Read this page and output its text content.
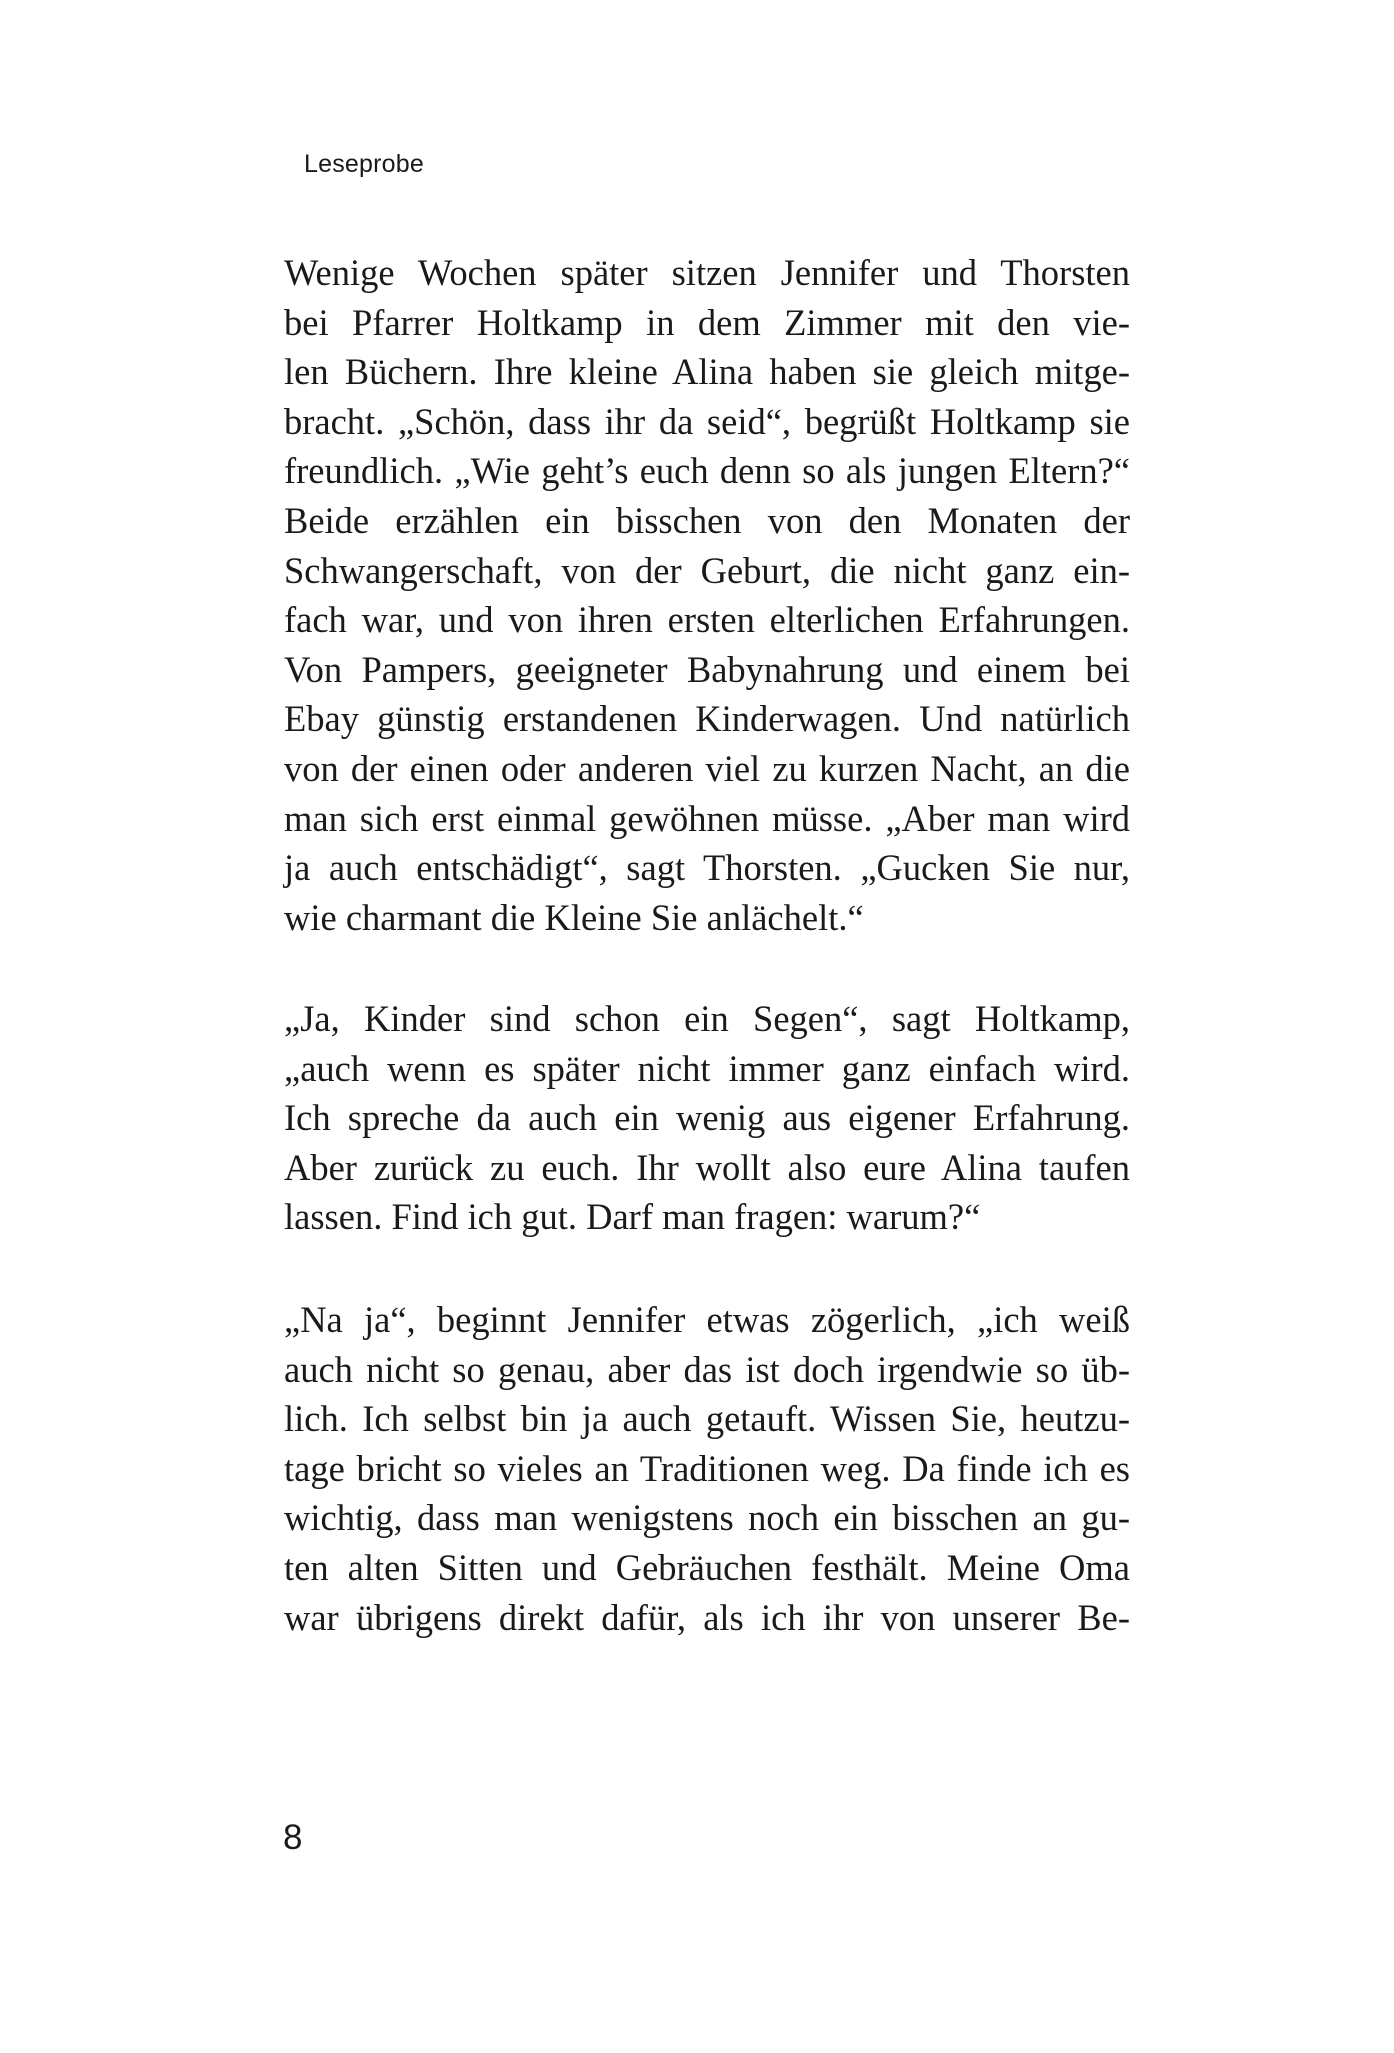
Leseprobe
Wenige Wochen später sitzen Jennifer und Thorsten
bei Pfarrer Holtkamp in dem Zimmer mit den vie-
len Büchern. Ihre kleine Alina haben sie gleich mitge-
bracht. „Schön, dass ihr da seid“, begrüßt Holtkamp sie
freundlich. „Wie geht’s euch denn so als jungen Eltern?“
Beide erzählen ein bisschen von den Monaten der
Schwangerschaft, von der Geburt, die nicht ganz ein-
fach war, und von ihren ersten elterlichen Erfahrungen.
Von Pampers, geeigneter Babynahrung und einem bei
Ebay günstig erstandenen Kinderwagen. Und natürlich
von der einen oder anderen viel zu kurzen Nacht, an die
man sich erst einmal gewöhnen müsse. „Aber man wird
ja auch entschädigt“, sagt Thorsten. „Gucken Sie nur,
wie charmant die Kleine Sie anlächelt.“
„Ja, Kinder sind schon ein Segen“, sagt Holtkamp,
„auch wenn es später nicht immer ganz einfach wird.
Ich spreche da auch ein wenig aus eigener Erfahrung.
Aber zurück zu euch. Ihr wollt also eure Alina taufen
lassen. Find ich gut. Darf man fragen: warum?“
„Na ja“, beginnt Jennifer etwas zögerlich, „ich weiß
auch nicht so genau, aber das ist doch irgendwie so üb-
lich. Ich selbst bin ja auch getauft. Wissen Sie, heutzu-
tage bricht so vieles an Traditionen weg. Da finde ich es
wichtig, dass man wenigstens noch ein bisschen an gu-
ten alten Sitten und Gebräuchen festhält. Meine Oma
war übrigens direkt dafür, als ich ihr von unserer Be-
8
